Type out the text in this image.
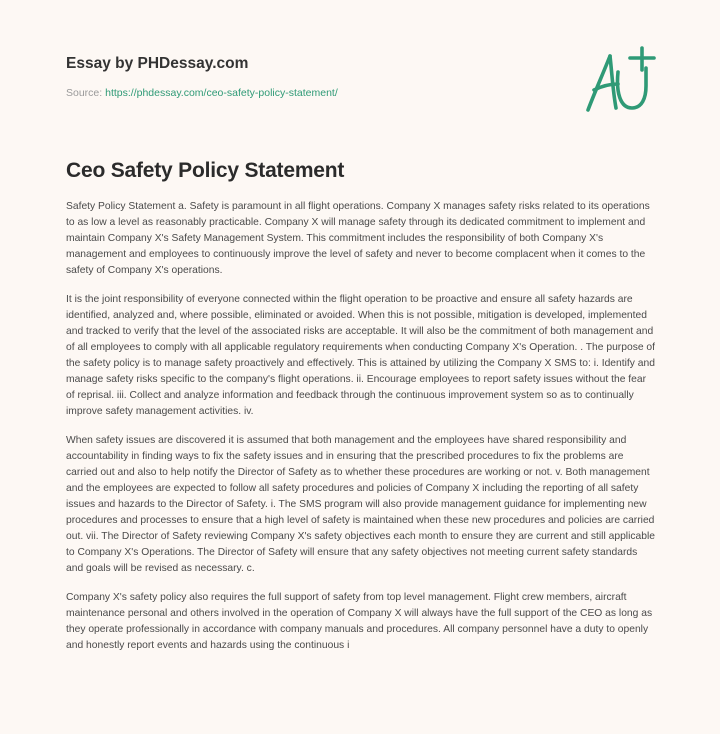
Essay by PHDessay.com

Source: https://phdessay.com/ceo-safety-policy-statement/
Ceo Safety Policy Statement

Safety Policy Statement a. Safety is paramount in all flight operations. Company X manages safety risks related to its operations to as low a level as reasonably practicable. Company X will manage safety through its dedicated commitment to implement and maintain Company X's Safety Management System. This commitment includes the responsibility of both Company X's management and employees to continuously improve the level of safety and never to become complacent when it comes to the safety of Company X's operations.

It is the joint responsibility of everyone connected within the flight operation to be proactive and ensure all safety hazards are identified, analyzed and, where possible, eliminated or avoided. When this is not possible, mitigation is developed, implemented and tracked to verify that the level of the associated risks are acceptable. It will also be the commitment of both management and of all employees to comply with all applicable regulatory requirements when conducting Company X's Operation. . The purpose of the safety policy is to manage safety proactively and effectively. This is attained by utilizing the Company X SMS to: i. Identify and manage safety risks specific to the company's flight operations. ii. Encourage employees to report safety issues without the fear of reprisal. iii. Collect and analyze information and feedback through the continuous improvement system so as to continually improve safety management activities. iv.

When safety issues are discovered it is assumed that both management and the employees have shared responsibility and accountability in finding ways to fix the safety issues and in ensuring that the prescribed procedures to fix the problems are carried out and also to help notify the Director of Safety as to whether these procedures are working or not. v. Both management and the employees are expected to follow all safety procedures and policies of Company X including the reporting of all safety issues and hazards to the Director of Safety. i. The SMS program will also provide management guidance for implementing new procedures and processes to ensure that a high level of safety is maintained when these new procedures and policies are carried out. vii. The Director of Safety reviewing Company X's safety objectives each month to ensure they are current and still applicable to Company X's Operations. The Director of Safety will ensure that any safety objectives not meeting current safety standards and goals will be revised as necessary. c.

Company X's safety policy also requires the full support of safety from top level management. Flight crew members, aircraft maintenance personal and others involved in the operation of Company X will always have the full support of the CEO as long as they operate professionally in accordance with company manuals and procedures. All company personnel have a duty to openly and honestly report events and hazards using the continuous i
